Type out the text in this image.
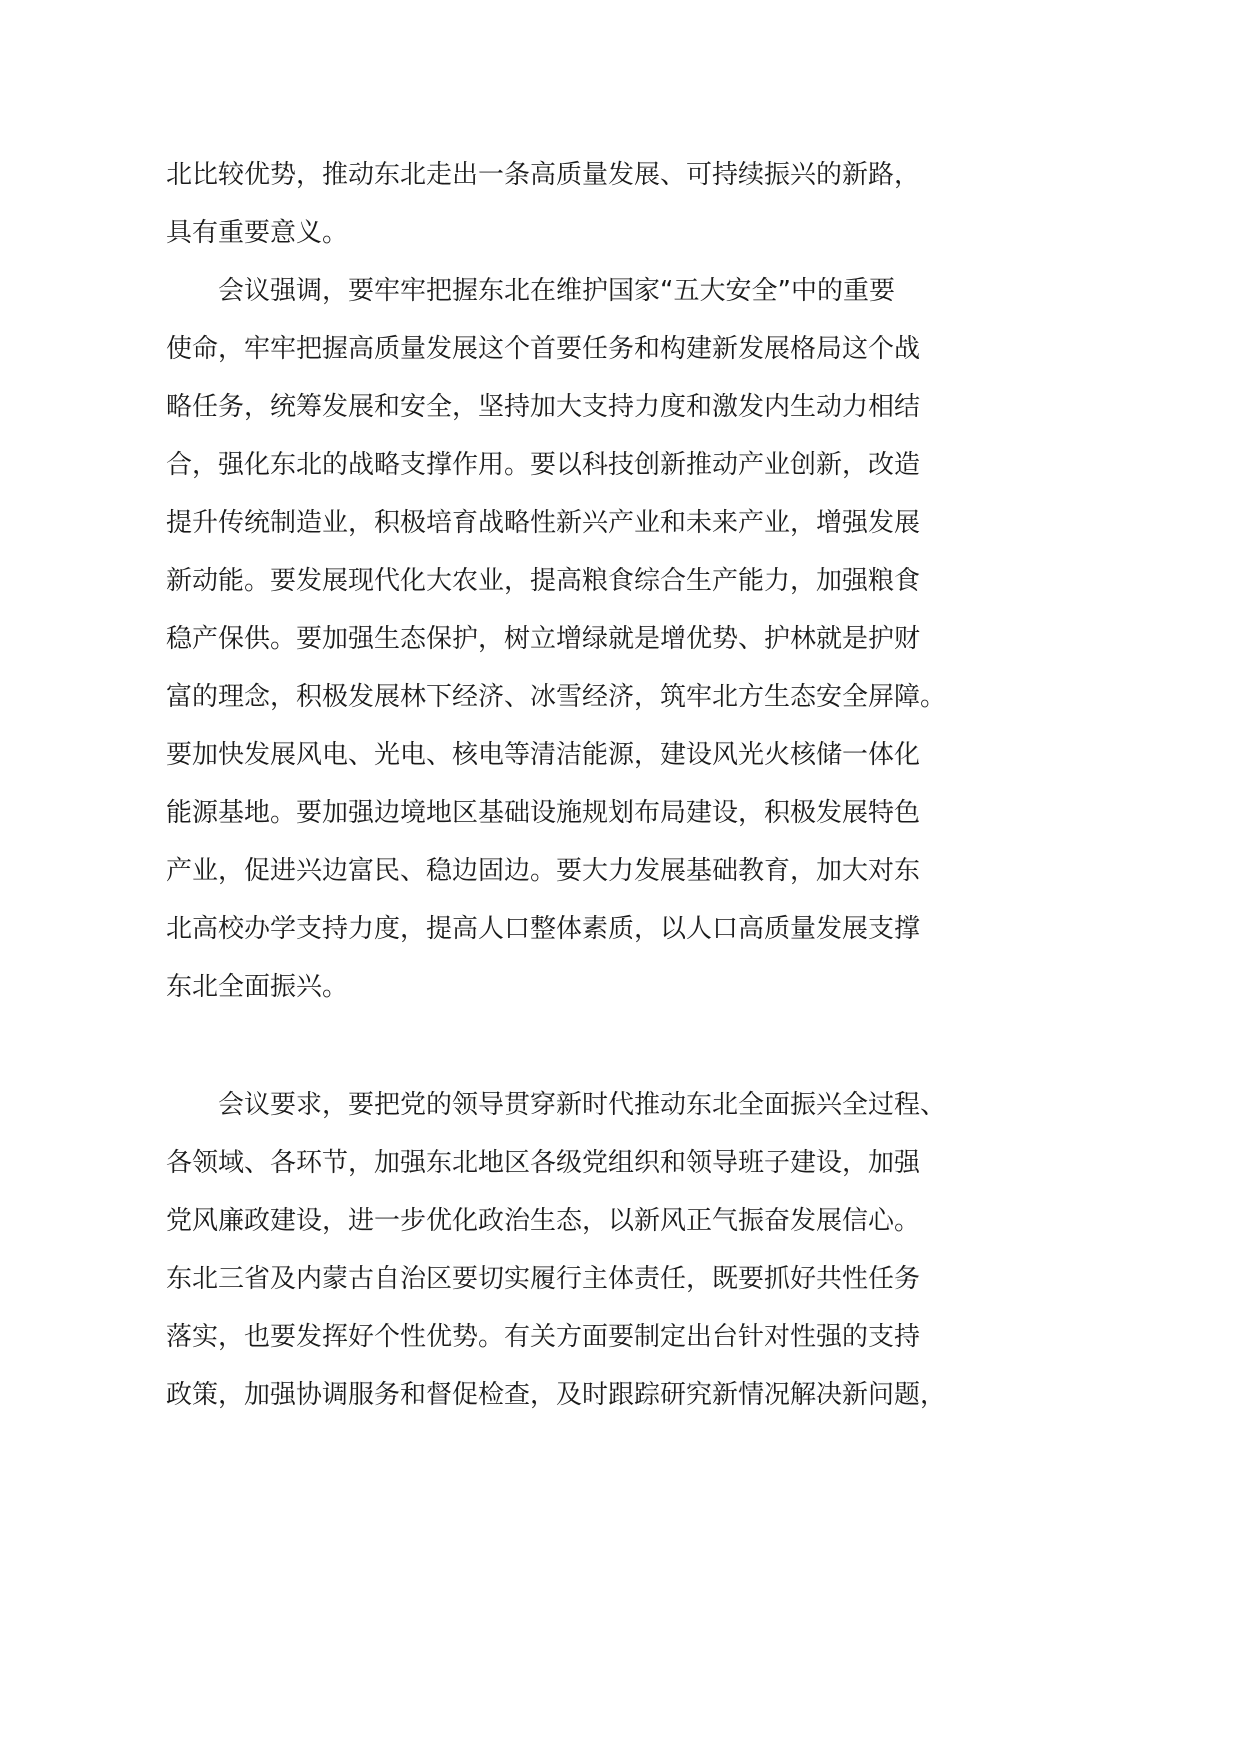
北比较优势，推动东北走出一条高质量发展、可持续振兴的新路，

具有重要意义。

会议强调，要牢牢把握东北在维护国家“五大安全”中的重要

使命，牢牢把握高质量发展这个首要任务和构建新发展格局这个战

略任务，统筹发展和安全，坚持加大支持力度和激发内生动力相结

合，强化东北的战略支撑作用。要以科技创新推动产业创新，改造

提升传统制造业，积极培育战略性新兴产业和未来产业，增强发展

新动能。要发展现代化大农业，提高粮食综合生产能力，加强粮食

稳产保供。要加强生态保护，树立增绿就是增优势、护林就是护财

富的理念，积极发展林下经济、冰雪经济，筑牢北方生态安全屏障。

要加快发展风电、光电、核电等清洁能源，建设风光火核储一体化

能源基地。要加强边境地区基础设施规划布局建设，积极发展特色

产业，促进兴边富民、稳边固边。要大力发展基础教育，加大对东

北高校办学支持力度，提高人口整体素质，以人口高质量发展支撑

东北全面振兴。

会议要求，要把党的领导贯穿新时代推动东北全面振兴全过程、

各领域、各环节，加强东北地区各级党组织和领导班子建设，加强

党风廉政建设，进一步优化政治生态，以新风正气振奋发展信心。

东北三省及内蒙古自治区要切实履行主体责任，既要抓好共性任务

落实，也要发挥好个性优势。有关方面要制定出台针对性强的支持

政策，加强协调服务和督促检查，及时跟踪研究新情况解决新问题，
